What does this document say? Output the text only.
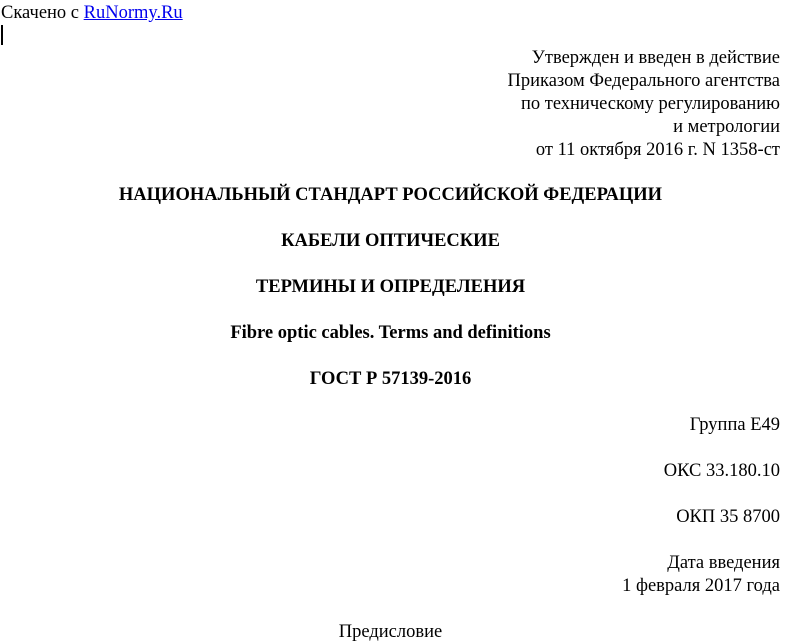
Скачено с RuNormy.Ru
Утвержден и введен в действие
Приказом Федерального агентства
по техническому регулированию
и метрологии
от 11 октября 2016 г. N 1358-ст
НАЦИОНАЛЬНЫЙ СТАНДАРТ РОССИЙСКОЙ ФЕДЕРАЦИИ
КАБЕЛИ ОПТИЧЕСКИЕ
ТЕРМИНЫ И ОПРЕДЕЛЕНИЯ
Fibre optic cables. Terms and definitions
ГОСТ Р 57139-2016
Группа Е49
ОКС 33.180.10
ОКП 35 8700
Дата введения
1 февраля 2017 года
Предисловие
